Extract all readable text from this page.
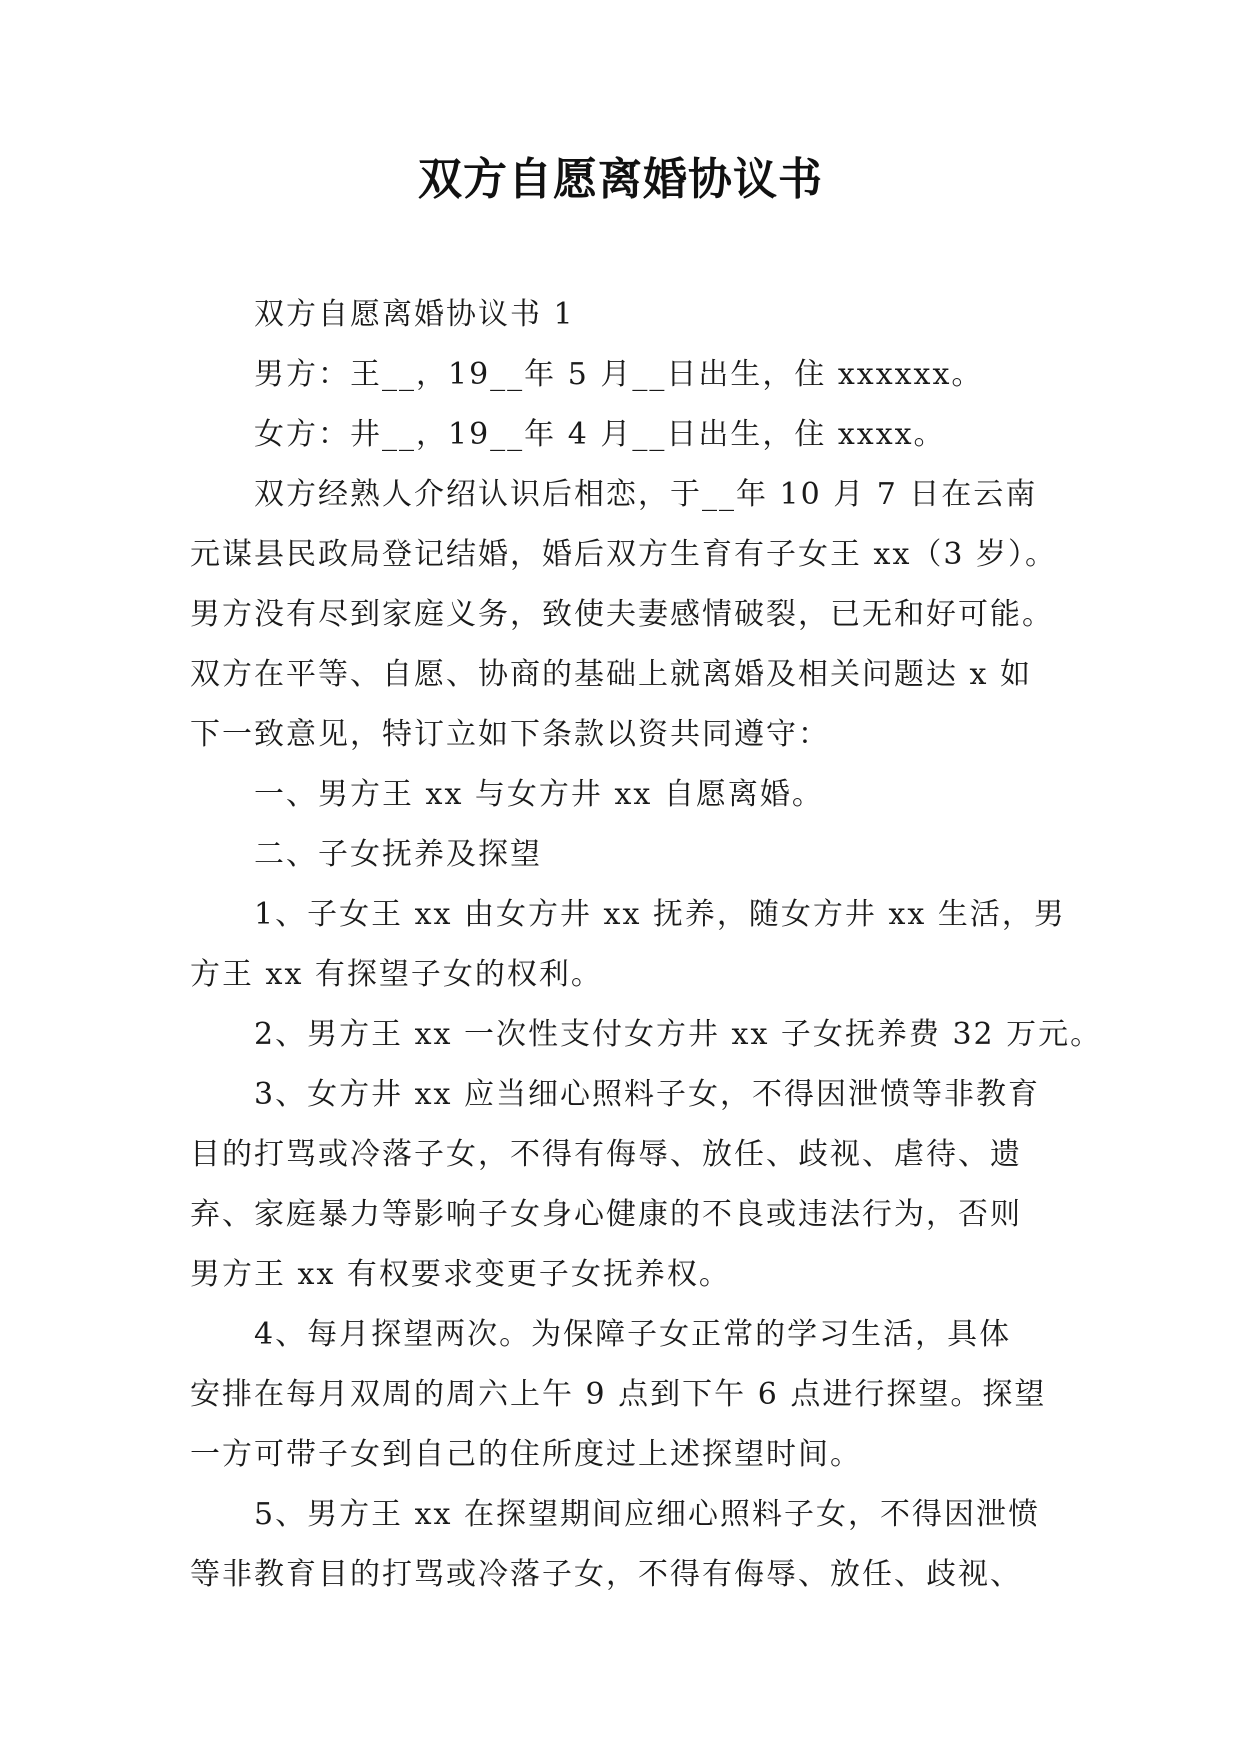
双方自愿离婚协议书
双方自愿离婚协议书 1
男方：王__，19__年 5 月__日出生，住 xxxxxx。
女方：井__，19__年 4 月__日出生，住 xxxx。
双方经熟人介绍认识后相恋，于__年 10 月 7 日在云南
元谋县民政局登记结婚，婚后双方生育有子女王 xx（3 岁）。
男方没有尽到家庭义务，致使夫妻感情破裂，已无和好可能。
双方在平等、自愿、协商的基础上就离婚及相关问题达 x 如
下一致意见，特订立如下条款以资共同遵守：
一、男方王 xx 与女方井 xx 自愿离婚。
二、子女抚养及探望
1、子女王 xx 由女方井 xx 抚养，随女方井 xx 生活，男
方王 xx 有探望子女的权利。
2、男方王 xx 一次性支付女方井 xx 子女抚养费 32 万元。
3、女方井 xx 应当细心照料子女，不得因泄愤等非教育
目的打骂或冷落子女，不得有侮辱、放任、歧视、虐待、遗
弃、家庭暴力等影响子女身心健康的不良或违法行为，否则
男方王 xx 有权要求变更子女抚养权。
4、每月探望两次。为保障子女正常的学习生活，具体
安排在每月双周的周六上午 9 点到下午 6 点进行探望。探望
一方可带子女到自己的住所度过上述探望时间。
5、男方王 xx 在探望期间应细心照料子女，不得因泄愤
等非教育目的打骂或冷落子女，不得有侮辱、放任、歧视、
